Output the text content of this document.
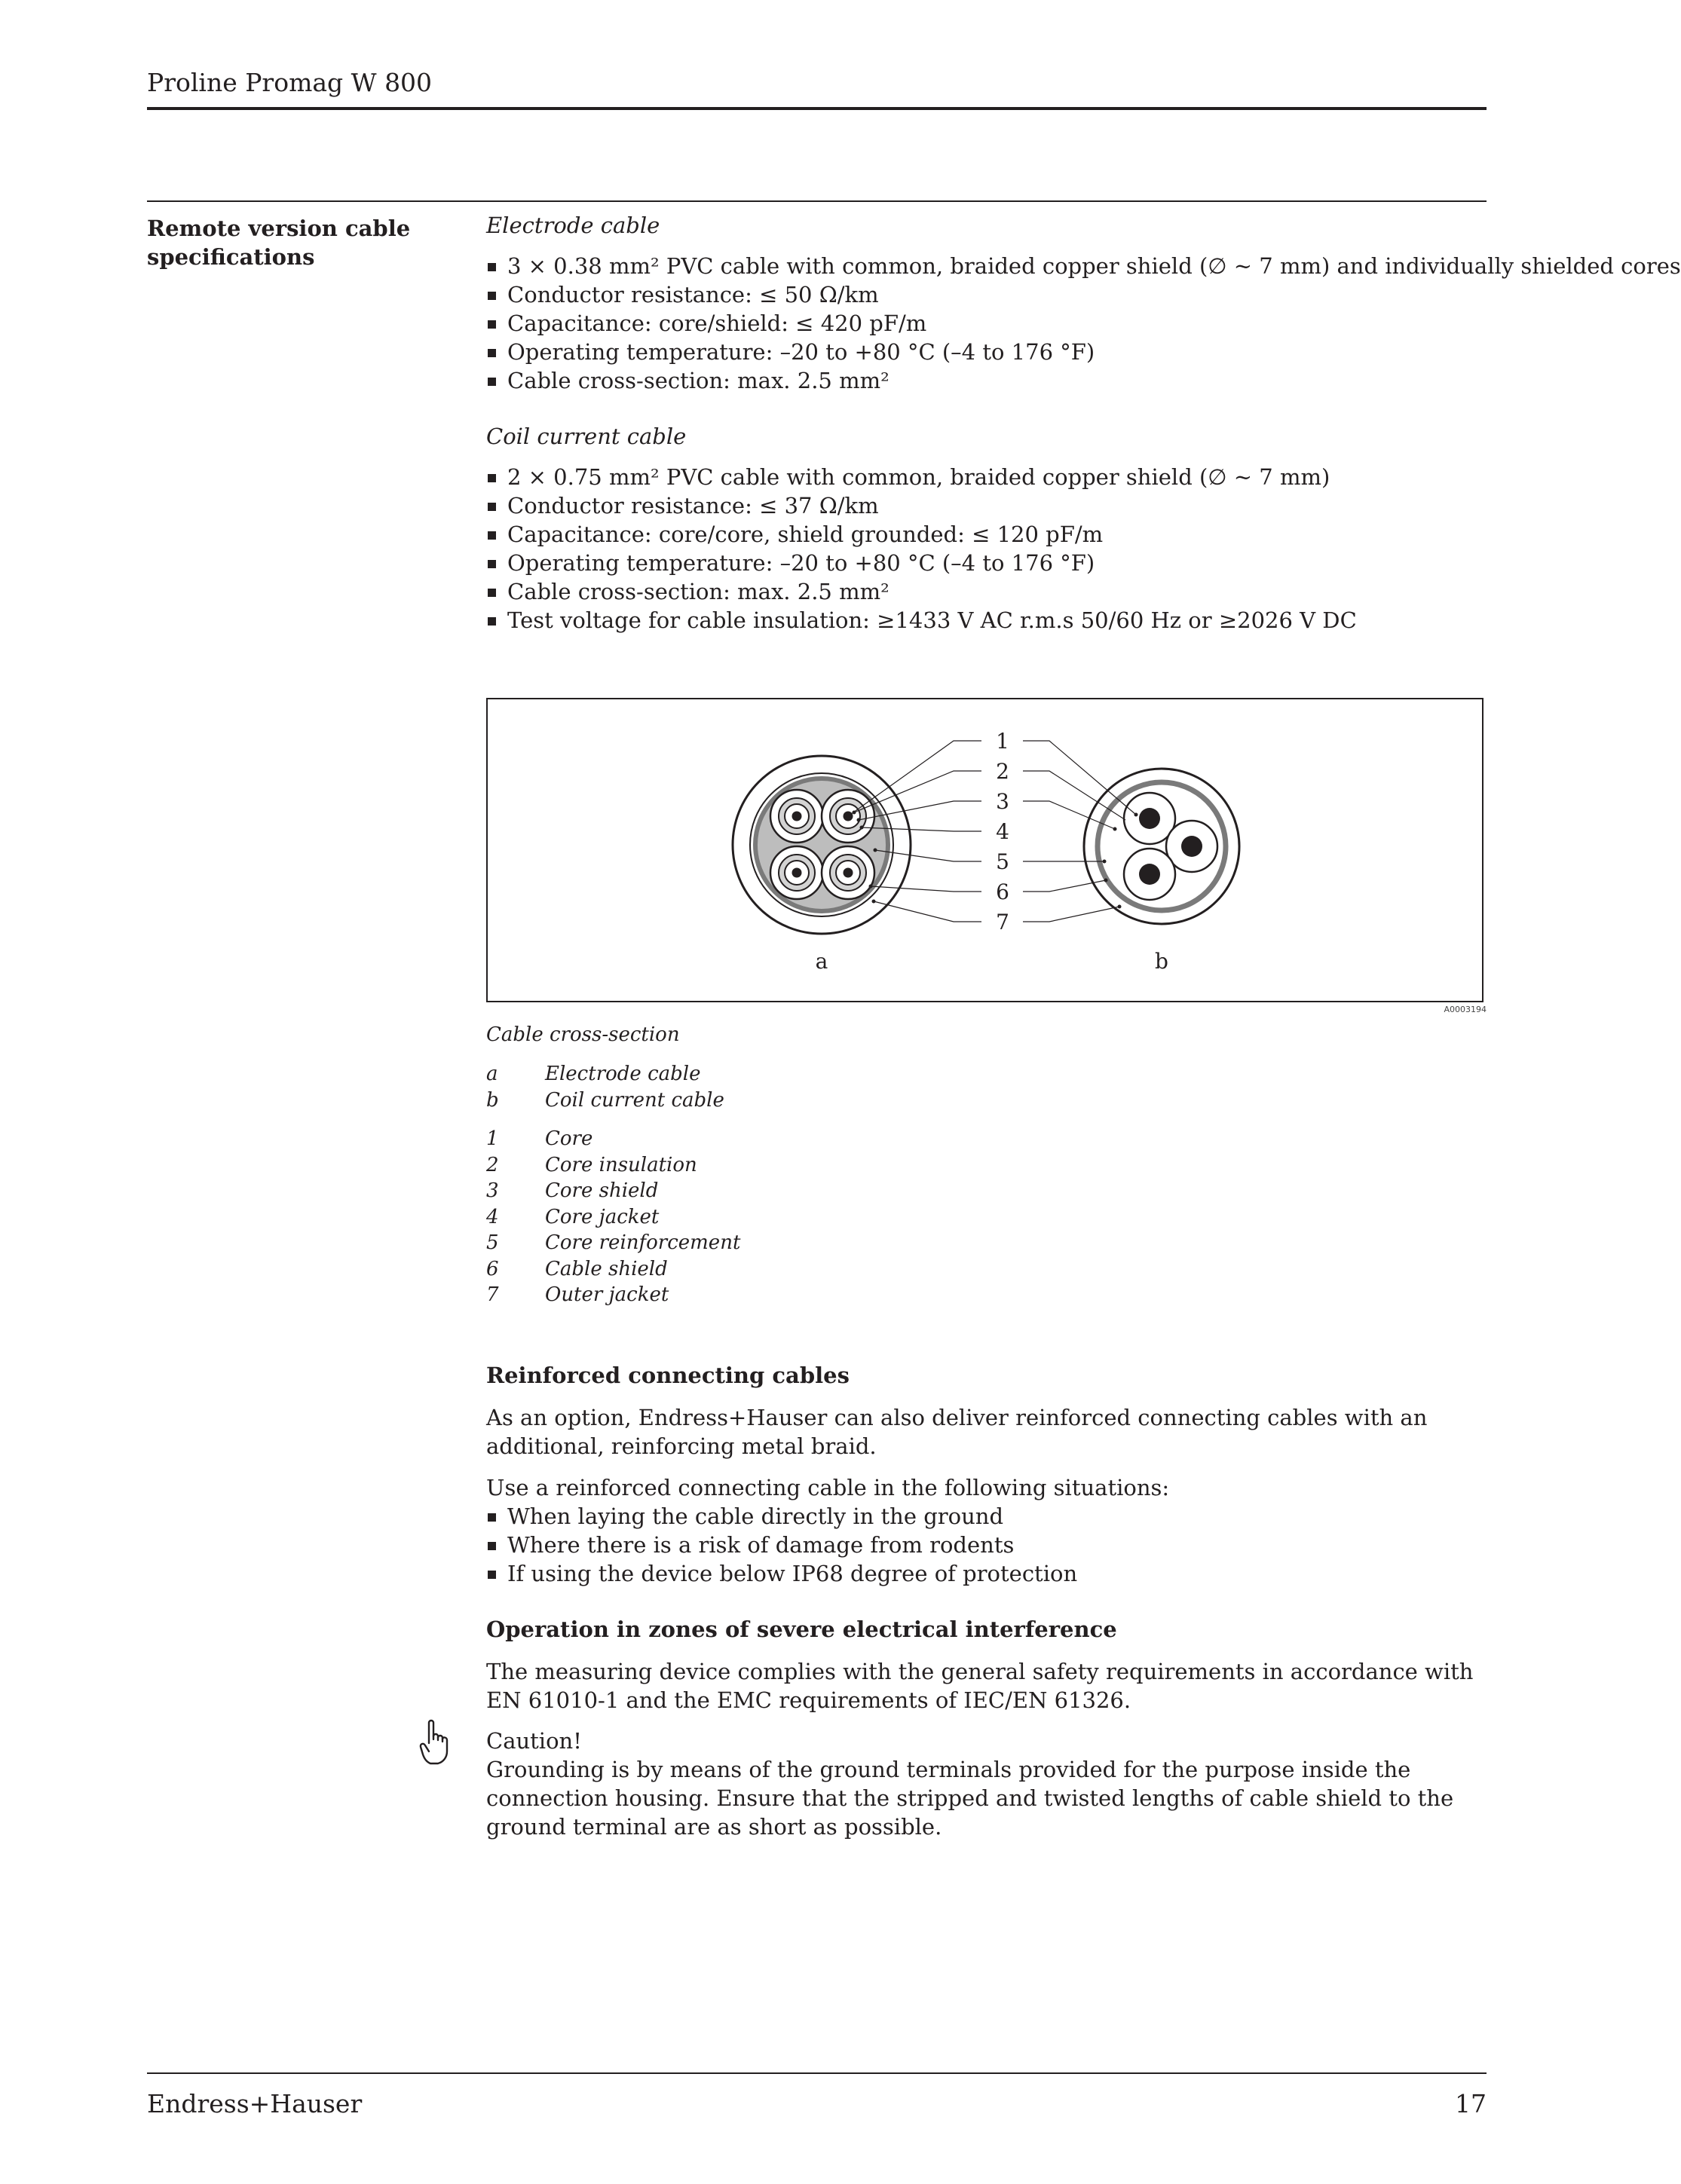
Proline Promag W 800
Remote version cable specifications

Electrode cable

3 × 0.38 mm² PVC cable with common, braided copper shield (∅ ~ 7 mm) and individually shielded cores
Conductor resistance: ≤ 50 Ω/km
Capacitance: core/shield: ≤ 420 pF/m
Operating temperature: –20 to +80 °C (–4 to 176 °F)
Cable cross-section: max. 2.5 mm²

Coil current cable

2 × 0.75 mm² PVC cable with common, braided copper shield (∅ ~ 7 mm)
Conductor resistance: ≤ 37 Ω/km
Capacitance: core/core, shield grounded: ≤ 120 pF/m
Operating temperature: –20 to +80 °C (–4 to 176 °F)
Cable cross-section: max. 2.5 mm²
Test voltage for cable insulation: ≥1433 V AC r.m.s 50/60 Hz or ≥2026 V DC
1
2
3
4
5
6
7
a	b
A0003194
Cable cross-section
a	Electrode cable
b	Coil current cable
1	Core
2	Core insulation
3	Core shield
4	Core jacket
5	Core reinforcement
6	Cable shield
7	Outer jacket
Reinforced connecting cables
As an option, Endress+Hauser can also deliver reinforced connecting cables with an additional, reinforcing metal braid.
Use a reinforced connecting cable in the following situations:
When laying the cable directly in the ground
Where there is a risk of damage from rodents
If using the device below IP68 degree of protection
Operation in zones of severe electrical interference
The measuring device complies with the general safety requirements in accordance with EN 61010-1 and the EMC requirements of IEC/EN 61326.
Caution!
Grounding is by means of the ground terminals provided for the purpose inside the connection housing. Ensure that the stripped and twisted lengths of cable shield to the ground terminal are as short as possible.
Endress+Hauser	17
